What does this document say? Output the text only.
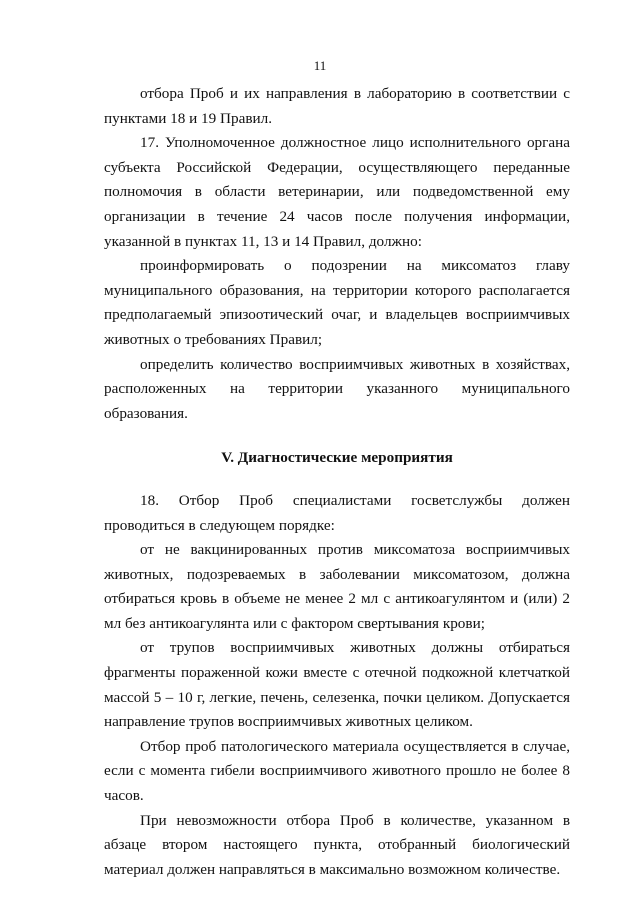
11

отбора Проб и их направления в лабораторию в соответствии с пунктами 18 и 19 Правил.

17. Уполномоченное должностное лицо исполнительного органа субъекта Российской Федерации, осуществляющего переданные полномочия в области ветеринарии, или подведомственной ему организации в течение 24 часов после получения информации, указанной в пунктах 11, 13 и 14 Правил, должно:

проинформировать о подозрении на миксоматоз главу муниципального образования, на территории которого располагается предполагаемый эпизоотический очаг, и владельцев восприимчивых животных о требованиях Правил;

определить количество восприимчивых животных в хозяйствах, расположенных на территории указанного муниципального образования.

V. Диагностические мероприятия

18. Отбор Проб специалистами госветслужбы должен проводиться в следующем порядке:

от не вакцинированных против миксоматоза восприимчивых животных, подозреваемых в заболевании миксоматозом, должна отбираться кровь в объеме не менее 2 мл с антикоагулянтом и (или) 2 мл без антикоагулянта или с фактором свертывания крови;

от трупов восприимчивых животных должны отбираться фрагменты пораженной кожи вместе с отечной подкожной клетчаткой массой 5 – 10 г, легкие, печень, селезенка, почки целиком. Допускается направление трупов восприимчивых животных целиком.

Отбор проб патологического материала осуществляется в случае, если с момента гибели восприимчивого животного прошло не более 8 часов.

При невозможности отбора Проб в количестве, указанном в абзаце втором настоящего пункта, отобранный биологический материал должен направляться в максимально возможном количестве.
